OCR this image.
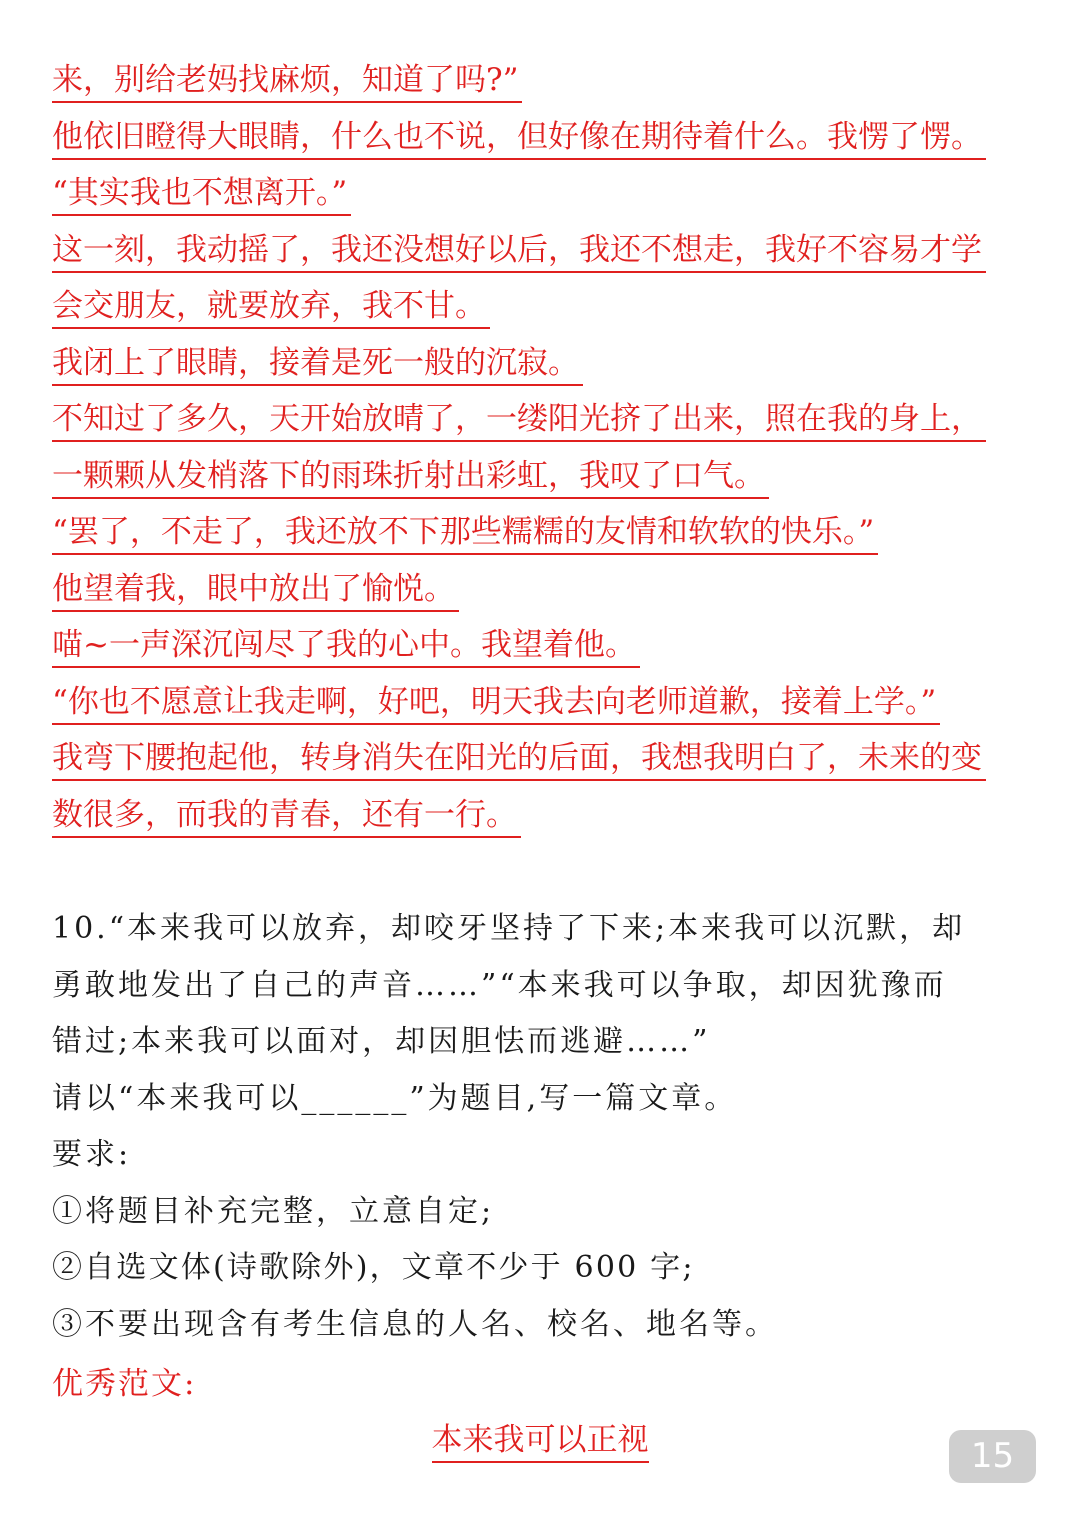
来，别给老妈找麻烦，知道了吗?”
他依旧瞪得大眼睛，什么也不说，但好像在期待着什么。我愣了愣。
“其实我也不想离开。”
这一刻，我动摇了，我还没想好以后，我还不想走，我好不容易才学
会交朋友，就要放弃，我不甘。
我闭上了眼睛，接着是死一般的沉寂。
不知过了多久，天开始放晴了，一缕阳光挤了出来，照在我的身上，
一颗颗从发梢落下的雨珠折射出彩虹，我叹了口气。
“罢了，不走了，我还放不下那些糯糯的友情和软软的快乐。”
他望着我，眼中放出了愉悦。
喵~一声深沉闯尽了我的心中。我望着他。
“你也不愿意让我走啊，好吧，明天我去向老师道歉，接着上学。”
我弯下腰抱起他，转身消失在阳光的后面，我想我明白了，未来的变
数很多，而我的青春，还有一行。
10.“本来我可以放弃，却咬牙坚持了下来;本来我可以沉默，却
勇敢地发出了自己的声音……”“本来我可以争取，却因犹豫而
错过;本来我可以面对，却因胆怯而逃避……”
请以“本来我可以______”为题目,写一篇文章。
要求:
①将题目补充完整，立意自定;
②自选文体(诗歌除外)，文章不少于 600 字;
③不要出现含有考生信息的人名、校名、地名等。
优秀范文:
本来我可以正视	15
